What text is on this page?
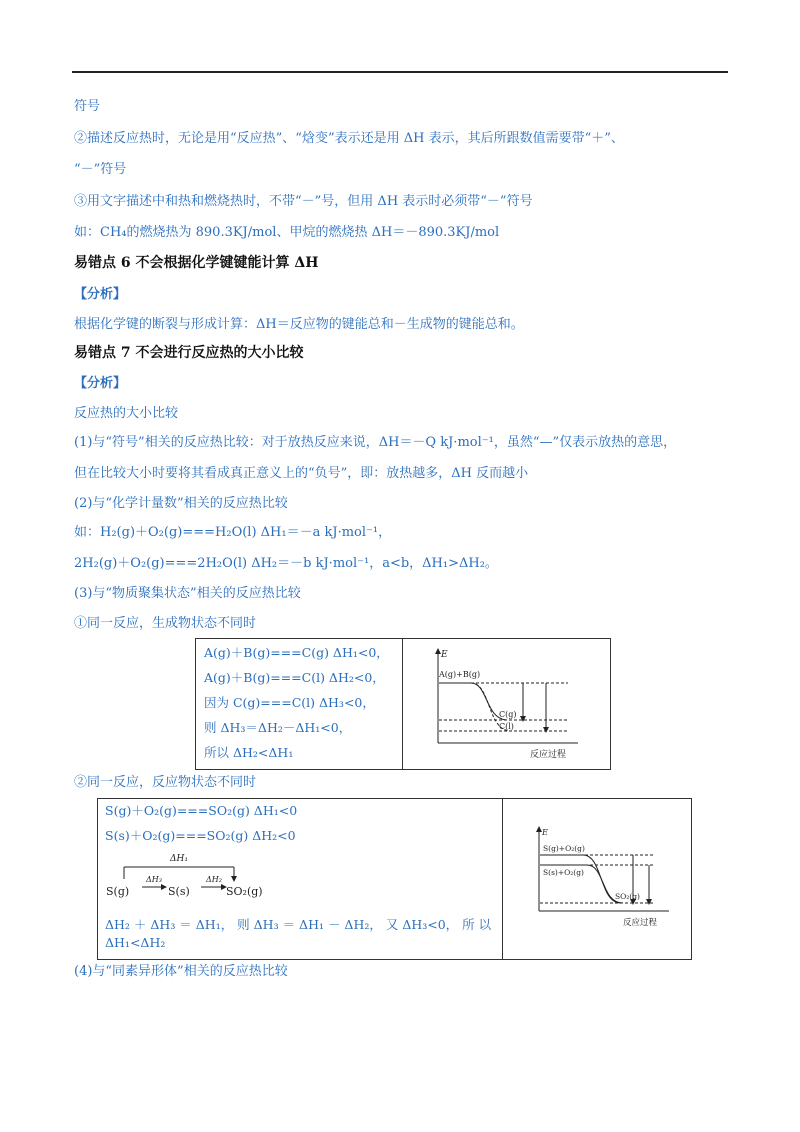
符号
②描述反应热时，无论是用“反应热”、“焓变”表示还是用 ΔH 表示，其后所跟数值需要带“＋”、
“－”符号
③用文字描述中和热和燃烧热时，不带“－”号，但用 ΔH 表示时必须带“－”符号
如：CH₄的燃烧热为 890.3KJ/mol、甲烷的燃烧热 ΔH＝－890.3KJ/mol
易错点 6 不会根据化学键键能计算 ΔH
【分析】
根据化学键的断裂与形成计算：ΔH＝反应物的键能总和－生成物的键能总和。
易错点 7 不会进行反应热的大小比较
【分析】
反应热的大小比较
(1)与“符号”相关的反应热比较：对于放热反应来说，ΔH＝－Q kJ·mol⁻¹，虽然“—”仅表示放热的意思，
但在比较大小时要将其看成真正意义上的“负号”，即：放热越多，ΔH 反而越小
(2)与“化学计量数”相关的反应热比较
如：H₂(g)＋O₂(g)===H₂O(l) ΔH₁＝－a kJ·mol⁻¹，
2H₂(g)＋O₂(g)===2H₂O(l) ΔH₂＝－b kJ·mol⁻¹，a<b，ΔH₁>ΔH₂。
(3)与“物质聚集状态”相关的反应热比较
①同一反应，生成物状态不同时
A(g)＋B(g)===C(g) ΔH₁<0，
A(g)＋B(g)===C(l) ΔH₂<0，
因为 C(g)===C(l) ΔH₃<0，
则 ΔH₃＝ΔH₂－ΔH₁<0，
所以 ΔH₂<ΔH₁
E
A(g)+B(g)
C(g)
C(l)
反应过程
②同一反应，反应物状态不同时
S(g)＋O₂(g)===SO₂(g) ΔH₁<0
S(s)＋O₂(g)===SO₂(g) ΔH₂<0
ΔH₁
ΔH₃	ΔH₂
S(g)	S(s)	SO₂(g)
ΔH₂ ＋ ΔH₃ ＝ ΔH₁， 则 ΔH₃ ＝ ΔH₁ － ΔH₂， 又 ΔH₃<0， 所 以
ΔH₁<ΔH₂
E
S(g)+O₂(g)
S(s)+O₂(g)
SO₂(g)
反应过程
(4)与“同素异形体”相关的反应热比较
